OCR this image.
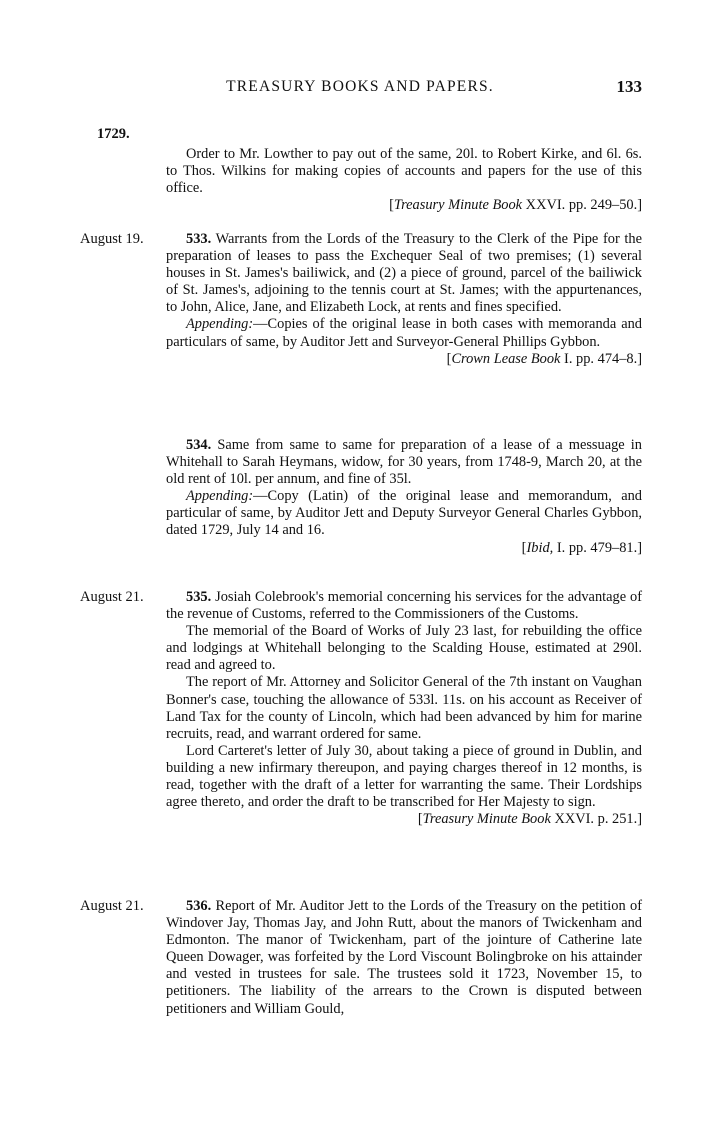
TREASURY BOOKS AND PAPERS.	133
1729.

Order to Mr. Lowther to pay out of the same, 20l. to Robert Kirke, and 6l. 6s. to Thos. Wilkins for making copies of accounts and papers for the use of this office.

[Treasury Minute Book XXVI. pp. 249–50.]
August 19.	533. Warrants from the Lords of the Treasury to the Clerk of the Pipe for the preparation of leases to pass the Exchequer Seal of two premises; (1) several houses in St. James's bailiwick, and (2) a piece of ground, parcel of the bailiwick of St. James's, adjoining to the tennis court at St. James; with the appurtenances, to John, Alice, Jane, and Elizabeth Lock, at rents and fines specified.

Appending:—Copies of the original lease in both cases with memoranda and particulars of same, by Auditor Jett and Surveyor-General Phillips Gybbon.

[Crown Lease Book I. pp. 474–8.]

534. Same from same to same for preparation of a lease of a messuage in Whitehall to Sarah Heymans, widow, for 30 years, from 1748-9, March 20, at the old rent of 10l. per annum, and fine of 35l.

Appending:—Copy (Latin) of the original lease and memorandum, and particular of same, by Auditor Jett and Deputy Surveyor General Charles Gybbon, dated 1729, July 14 and 16.

[Ibid, I. pp. 479–81.]
August 21.	535. Josiah Colebrook's memorial concerning his services for the advantage of the revenue of Customs, referred to the Commissioners of the Customs.

The memorial of the Board of Works of July 23 last, for rebuilding the office and lodgings at Whitehall belonging to the Scalding House, estimated at 290l. read and agreed to.

The report of Mr. Attorney and Solicitor General of the 7th instant on Vaughan Bonner's case, touching the allowance of 533l. 11s. on his account as Receiver of Land Tax for the county of Lincoln, which had been advanced by him for marine recruits, read, and warrant ordered for same.

Lord Carteret's letter of July 30, about taking a piece of ground in Dublin, and building a new infirmary thereupon, and paying charges thereof in 12 months, is read, together with the draft of a letter for warranting the same. Their Lordships agree thereto, and order the draft to be transcribed for Her Majesty to sign.

[Treasury Minute Book XXVI. p. 251.]
August 21.	536. Report of Mr. Auditor Jett to the Lords of the Treasury on the petition of Windover Jay, Thomas Jay, and John Rutt, about the manors of Twickenham and Edmonton. The manor of Twickenham, part of the jointure of Catherine late Queen Dowager, was forfeited by the Lord Viscount Bolingbroke on his attainder and vested in trustees for sale. The trustees sold it 1723, November 15, to petitioners. The liability of the arrears to the Crown is disputed between petitioners and William Gould,
